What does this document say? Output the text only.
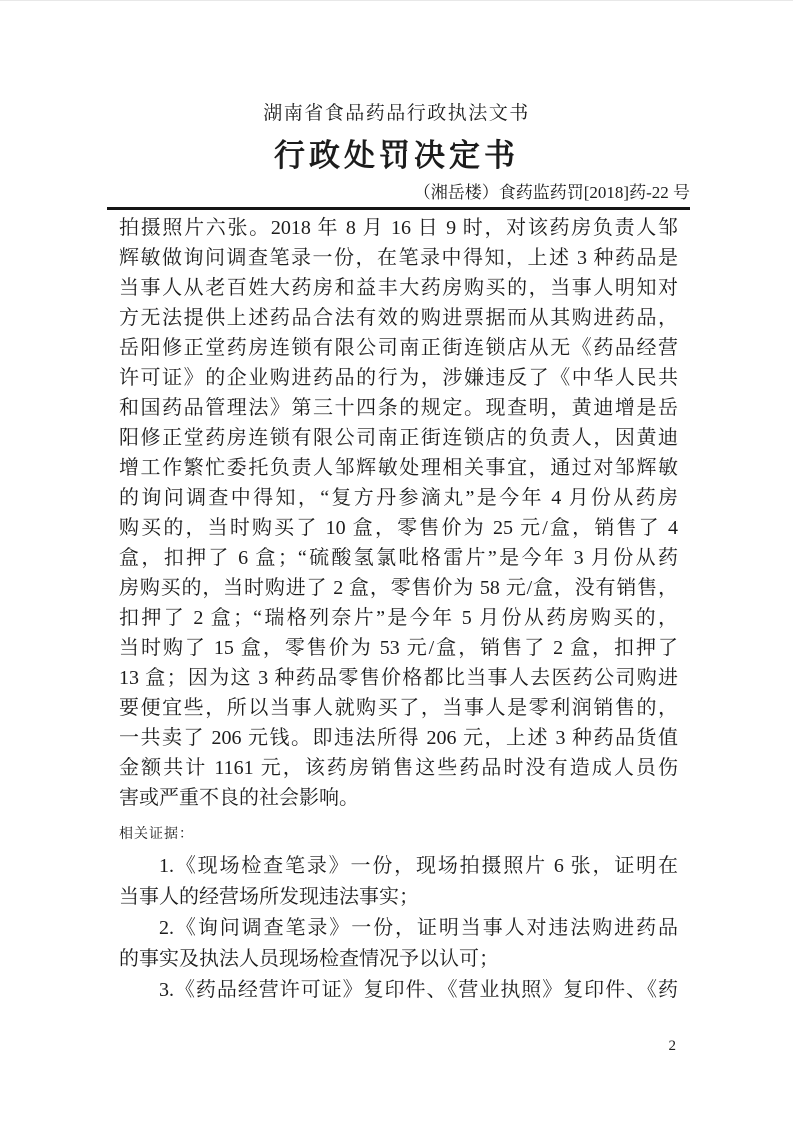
湖南省食品药品行政执法文书
行政处罚决定书
（湘岳楼）食药监药罚[2018]药-22 号
拍摄照片六张。2018 年 8 月 16 日 9 时，对该药房负责人邹
辉敏做询问调查笔录一份，在笔录中得知，上述 3 种药品是
当事人从老百姓大药房和益丰大药房购买的，当事人明知对
方无法提供上述药品合法有效的购进票据而从其购进药品，
岳阳修正堂药房连锁有限公司南正街连锁店从无《药品经营
许可证》的企业购进药品的行为，涉嫌违反了《中华人民共
和国药品管理法》第三十四条的规定。现查明，黄迪增是岳
阳修正堂药房连锁有限公司南正街连锁店的负责人，因黄迪
增工作繁忙委托负责人邹辉敏处理相关事宜，通过对邹辉敏
的询问调查中得知，“复方丹参滴丸”是今年 4 月份从药房
购买的，当时购买了 10 盒，零售价为 25 元/盒，销售了 4
盒，扣押了 6 盒；“硫酸氢氯吡格雷片”是今年 3 月份从药
房购买的，当时购进了 2 盒，零售价为 58 元/盒，没有销售，
扣押了 2 盒；“瑞格列奈片”是今年 5 月份从药房购买的，
当时购了 15 盒，零售价为 53 元/盒，销售了 2 盒，扣押了
13 盒；因为这 3 种药品零售价格都比当事人去医药公司购进
要便宜些，所以当事人就购买了，当事人是零利润销售的，
一共卖了 206 元钱。即违法所得 206 元，上述 3 种药品货值
金额共计 1161 元，该药房销售这些药品时没有造成人员伤
害或严重不良的社会影响。
相关证据：
1.《现场检查笔录》一份，现场拍摄照片 6 张，证明在
当事人的经营场所发现违法事实；
2.《询问调查笔录》一份，证明当事人对违法购进药品
的事实及执法人员现场检查情况予以认可；
3.《药品经营许可证》复印件、《营业执照》复印件、《药
2
